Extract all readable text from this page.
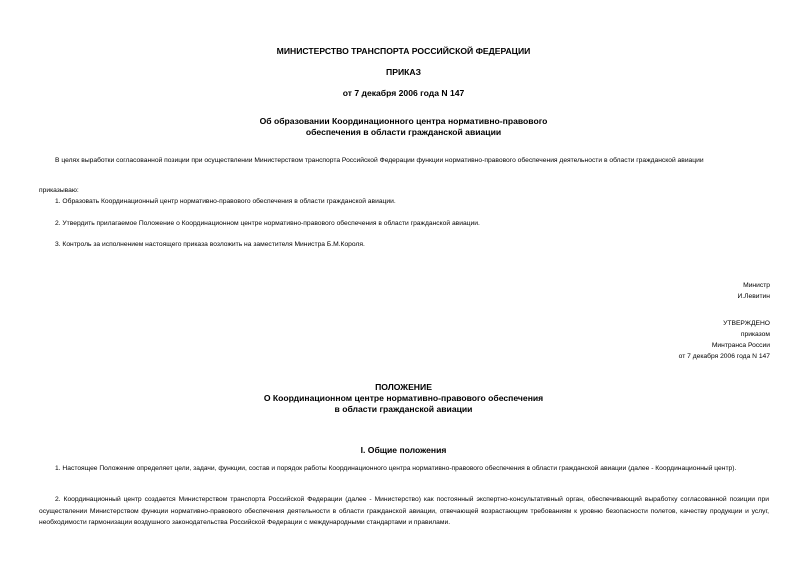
МИНИСТЕРСТВО ТРАНСПОРТА РОССИЙСКОЙ ФЕДЕРАЦИИ

ПРИКАЗ

от 7 декабря 2006 года N 147

Об образовании Координационного центра нормативно-правового

обеспечения в области гражданской авиации

В целях выработки согласованной позиции при осуществлении Министерством транспорта Российской Федерации функции нормативно-правового обеспечения деятельности в области гражданской авиации

приказываю:

1. Образовать Координационный центр нормативно-правового обеспечения в области гражданской авиации.

2. Утвердить прилагаемое Положение о Координационном центре нормативно-правового обеспечения в области гражданской авиации.

3. Контроль за исполнением настоящего приказа возложить на заместителя Министра Б.М.Короля.

Министр

И.Левитин

УТВЕРЖДЕНО

приказом

Минтранса России

от 7 декабря 2006 года N 147

ПОЛОЖЕНИЕ

О Координационном центре нормативно-правового обеспечения

в области гражданской авиации

I. Общие положения

1. Настоящее Положение определяет цели, задачи, функции, состав и порядок работы Координационного центра нормативно-правового обеспечения в области гражданской авиации (далее - Координационный центр).

2. Координационный центр создается Министерством транспорта Российской Федерации (далее - Министерство) как постоянный экспертно-консультативный орган, обеспечивающий выработку согласованной позиции при осуществлении Министерством функции нормативно-правового обеспечения деятельности в области гражданской авиации, отвечающей возрастающим требованиям к уровню безопасности полетов, качеству продукции и услуг, необходимости гармонизации воздушного законодательства Российской Федерации с международными стандартами и правилами.
